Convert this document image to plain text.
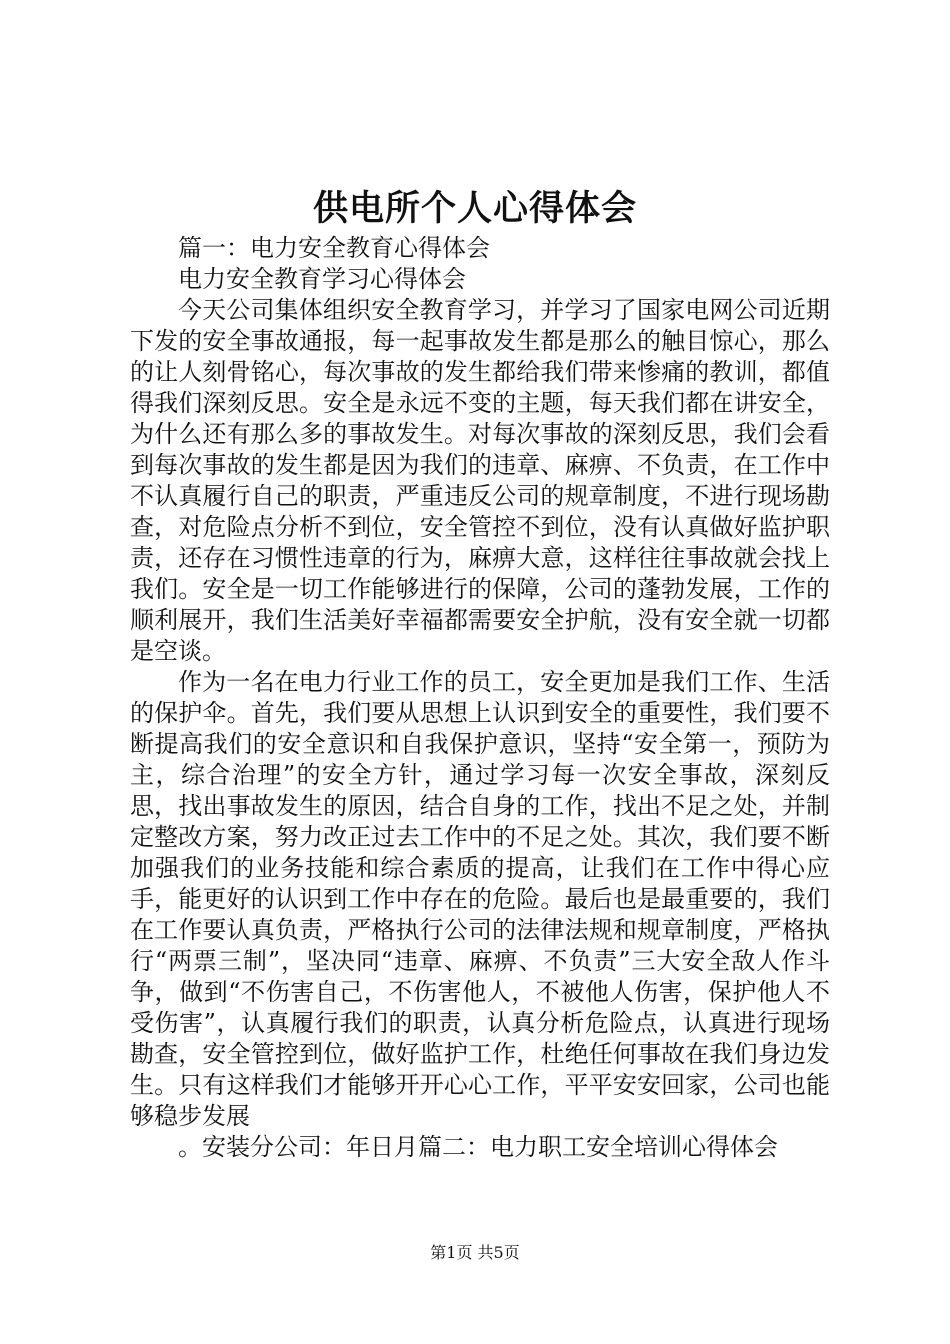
供电所个人心得体会

篇一：电力安全教育心得体会

电力安全教育学习心得体会

今天公司集体组织安全教育学习，并学习了国家电网公司近期下发的安全事故通报，每一起事故发生都是那么的触目惊心，那么的让人刻骨铭心，每次事故的发生都给我们带来惨痛的教训，都值得我们深刻反思。安全是永远不变的主题，每天我们都在讲安全，为什么还有那么多的事故发生。对每次事故的深刻反思，我们会看到每次事故的发生都是因为我们的违章、麻痹、不负责，在工作中不认真履行自己的职责，严重违反公司的规章制度，不进行现场勘查，对危险点分析不到位，安全管控不到位，没有认真做好监护职责，还存在习惯性违章的行为，麻痹大意，这样往往事故就会找上我们。安全是一切工作能够进行的保障，公司的蓬勃发展，工作的顺利展开，我们生活美好幸福都需要安全护航，没有安全就一切都是空谈。

作为一名在电力行业工作的员工，安全更加是我们工作、生活的保护伞。首先，我们要从思想上认识到安全的重要性，我们要不断提高我们的安全意识和自我保护意识，坚持“安全第一，预防为主，综合治理”的安全方针，通过学习每一次安全事故，深刻反思，找出事故发生的原因，结合自身的工作，找出不足之处，并制定整改方案，努力改正过去工作中的不足之处。其次，我们要不断加强我们的业务技能和综合素质的提高，让我们在工作中得心应手，能更好的认识到工作中存在的危险。最后也是最重要的，我们在工作要认真负责，严格执行公司的法律法规和规章制度，严格执行“两票三制”，坚决同“违章、麻痹、不负责”三大安全敌人作斗争，做到“不伤害自己，不伤害他人，不被他人伤害，保护他人不受伤害”，认真履行我们的职责，认真分析危险点，认真进行现场勘查，安全管控到位，做好监护工作，杜绝任何事故在我们身边发生。只有这样我们才能够开开心心工作，平平安安回家，公司也能够稳步发展

。安装分公司：年日月篇二：电力职工安全培训心得体会

第1页 共5页
